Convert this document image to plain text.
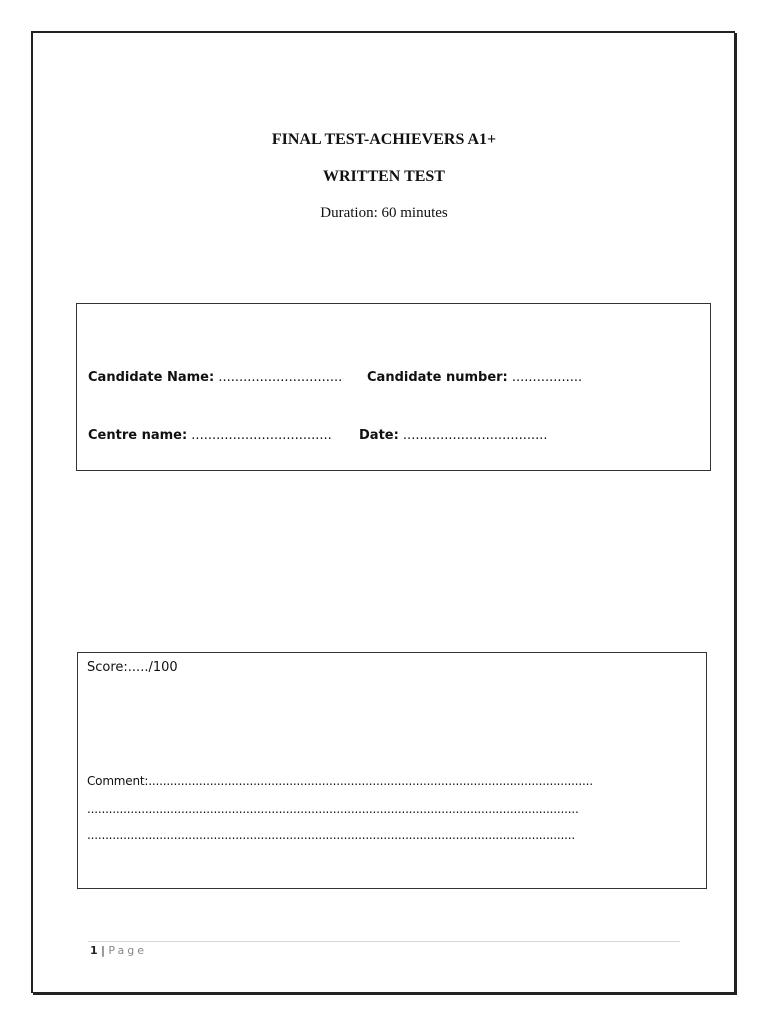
FINAL TEST-ACHIEVERS A1+
WRITTEN TEST
Duration: 60 minutes
Candidate Name: .............................. Candidate number: .................
Centre name: .................................. Date: ...................................
Score:...../100
Comment:...........................................................................................................................
........................................................................................................................................
.......................................................................................................................................
1 | Page
